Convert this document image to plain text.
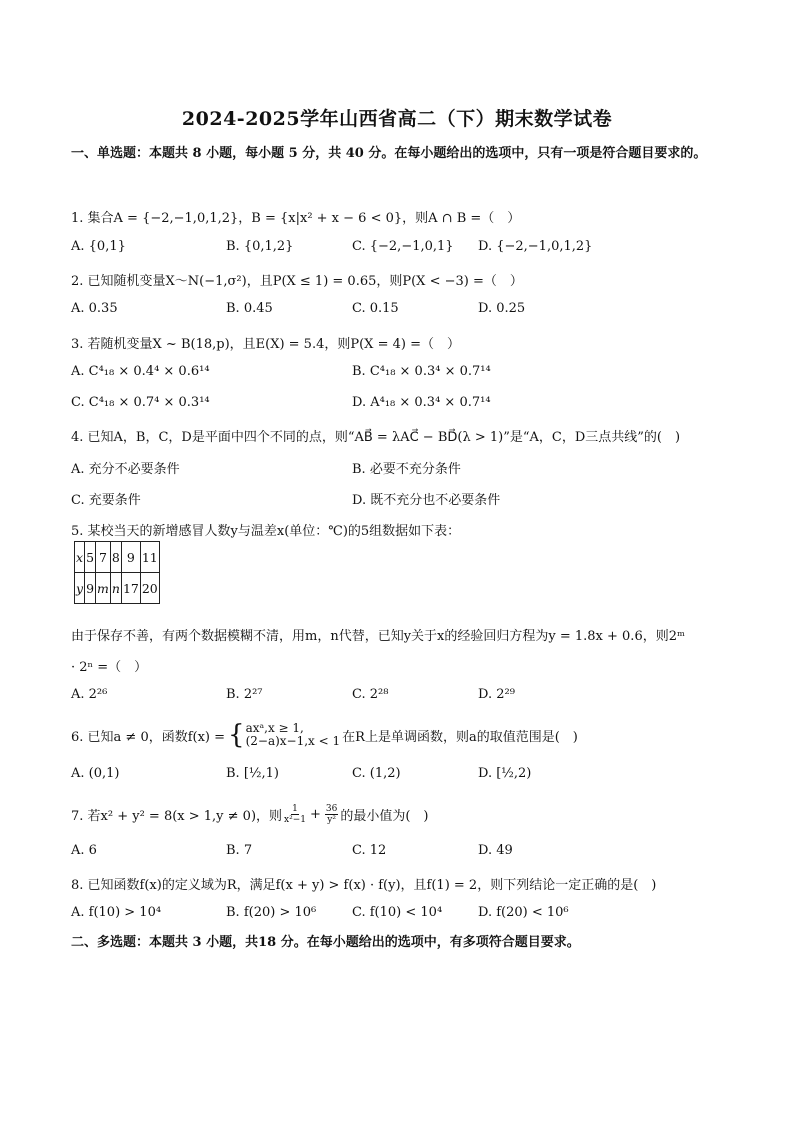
2024-2025学年山西省高二（下）期末数学试卷
一、单选题：本题共 8 小题，每小题 5 分，共 40 分。在每小题给出的选项中，只有一项是符合题目要求的。
1. 集合A = {−2,−1,0,1,2}，B = {x|x² + x − 6 < 0}，则A ∩ B =（　）
A. {0,1}	B. {0,1,2}	C. {−2,−1,0,1} D. {−2,−1,0,1,2}
2. 已知随机变量X～N(−1,σ²)，且P(X ≤ 1) = 0.65，则P(X < −3) =（　）
A. 0.35	B. 0.45	C. 0.15	D. 0.25
3. 若随机变量X ~ B(18,p)，且E(X) = 5.4，则P(X = 4) =（　）
A. C⁴₁₈ × 0.4⁴ × 0.6¹⁴	B. C⁴₁₈ × 0.3⁴ × 0.7¹⁴
C. C⁴₁₈ × 0.7⁴ × 0.3¹⁴	D. A⁴₁₈ × 0.3⁴ × 0.7¹⁴
4. 已知A，B，C，D是平面中四个不同的点，则“AB⃗ = λAC⃗ − BD⃗(λ > 1)”是“A，C，D三点共线”的(　)
A. 充分不必要条件	B. 必要不充分条件
C. 充要条件	D. 既不充分也不必要条件
5. 某校当天的新增感冒人数y与温差x(单位：℃)的5组数据如下表：
x	5	7	8	9	11
y	9	m	n	17	20
由于保存不善，有两个数据模糊不清，用m，n代替，已知y关于x的经验回归方程为y = 1.8x + 0.6，则2ᵐ
· 2ⁿ =（　）
A. 2²⁶	B. 2²⁷	C. 2²⁸	D. 2²⁹
6. 已知a ≠ 0，函数f(x) = { axᵃ,x ≥ 1,
(2−a)x−1,x < 1 在R上是单调函数，则a的取值范围是(　)
A. (0,1)	B. [½,1)	C. (1,2)	D. [½,2)
7. 若x² + y² = 8(x > 1,y ≠ 0)，则 $\frac{1}{\text{x²−1}} + \frac{36}{\text{y²}}$ 的最小值为(　)
A. 6	B. 7	C. 12	D. 49
8. 已知函数f(x)的定义域为R，满足f(x + y) > f(x) · f(y)，且f(1) = 2，则下列结论一定正确的是(　)
A. f(10) > 10⁴	B. f(20) > 10⁶	C. f(10) < 10⁴	D. f(20) < 10⁶
二、多选题：本题共 3 小题，共18 分。在每小题给出的选项中，有多项符合题目要求。
